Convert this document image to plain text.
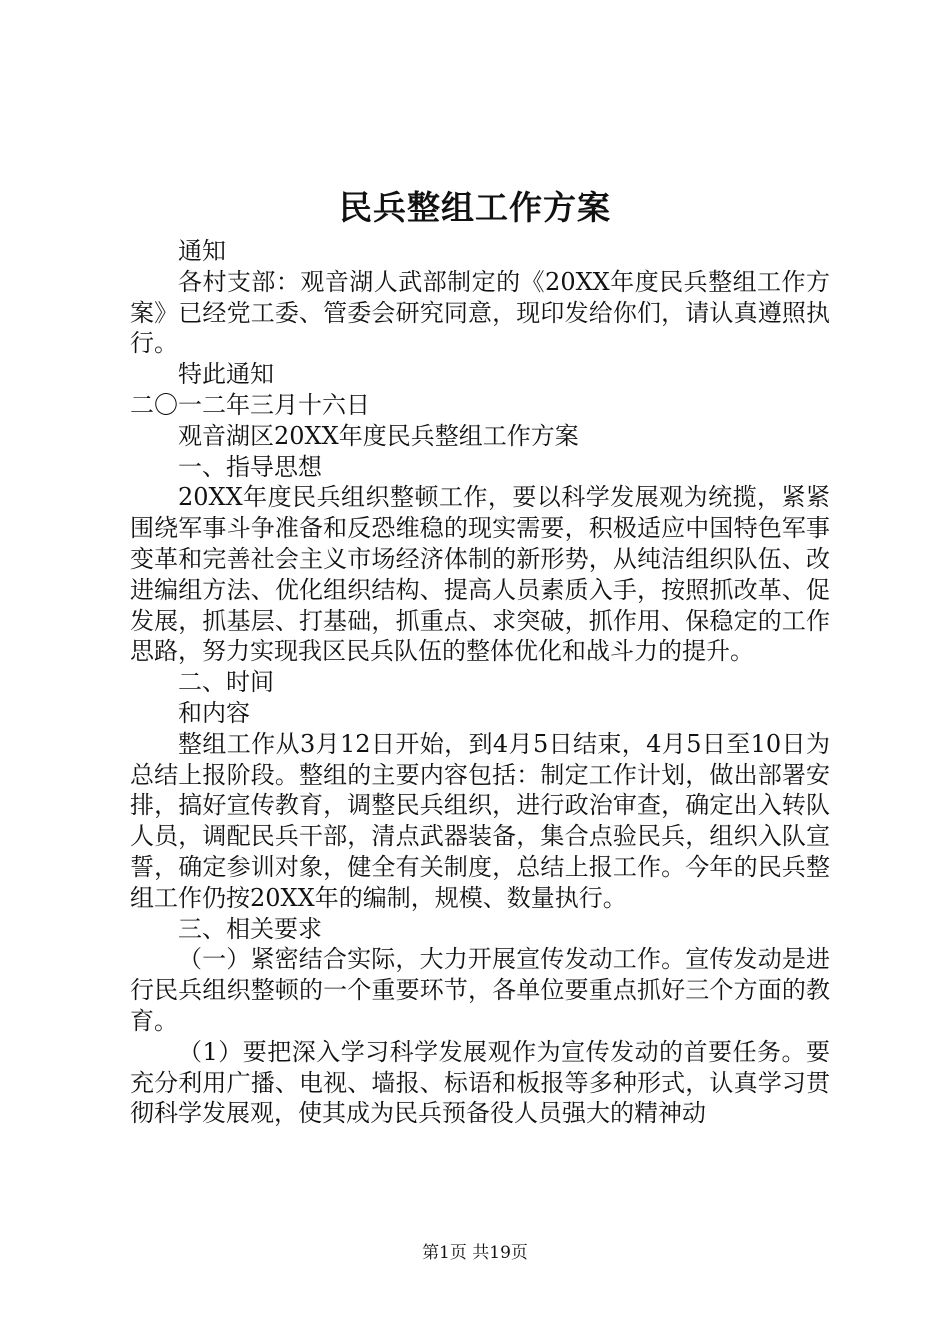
民兵整组工作方案

通知

各村支部：观音湖人武部制定的《20XX年度民兵整组工作方案》已经党工委、管委会研究同意，现印发给你们，请认真遵照执行。

特此通知

二〇一二年三月十六日

观音湖区20XX年度民兵整组工作方案

一、指导思想

20XX年度民兵组织整顿工作，要以科学发展观为统揽，紧紧围绕军事斗争准备和反恐维稳的现实需要，积极适应中国特色军事变革和完善社会主义市场经济体制的新形势，从纯洁组织队伍、改进编组方法、优化组织结构、提高人员素质入手，按照抓改革、促发展，抓基层、打基础，抓重点、求突破，抓作用、保稳定的工作思路，努力实现我区民兵队伍的整体优化和战斗力的提升。

二、时间

和内容

整组工作从3月12日开始，到4月5日结束，4月5日至10日为总结上报阶段。整组的主要内容包括：制定工作计划，做出部署安排，搞好宣传教育，调整民兵组织，进行政治审查，确定出入转队人员，调配民兵干部，清点武器装备，集合点验民兵，组织入队宣誓，确定参训对象，健全有关制度，总结上报工作。今年的民兵整组工作仍按20XX年的编制，规模、数量执行。

三、相关要求

（一）紧密结合实际，大力开展宣传发动工作。宣传发动是进行民兵组织整顿的一个重要环节，各单位要重点抓好三个方面的教育。

（1）要把深入学习科学发展观作为宣传发动的首要任务。要充分利用广播、电视、墙报、标语和板报等多种形式，认真学习贯彻科学发展观，使其成为民兵预备役人员强大的精神动

第1页 共19页
